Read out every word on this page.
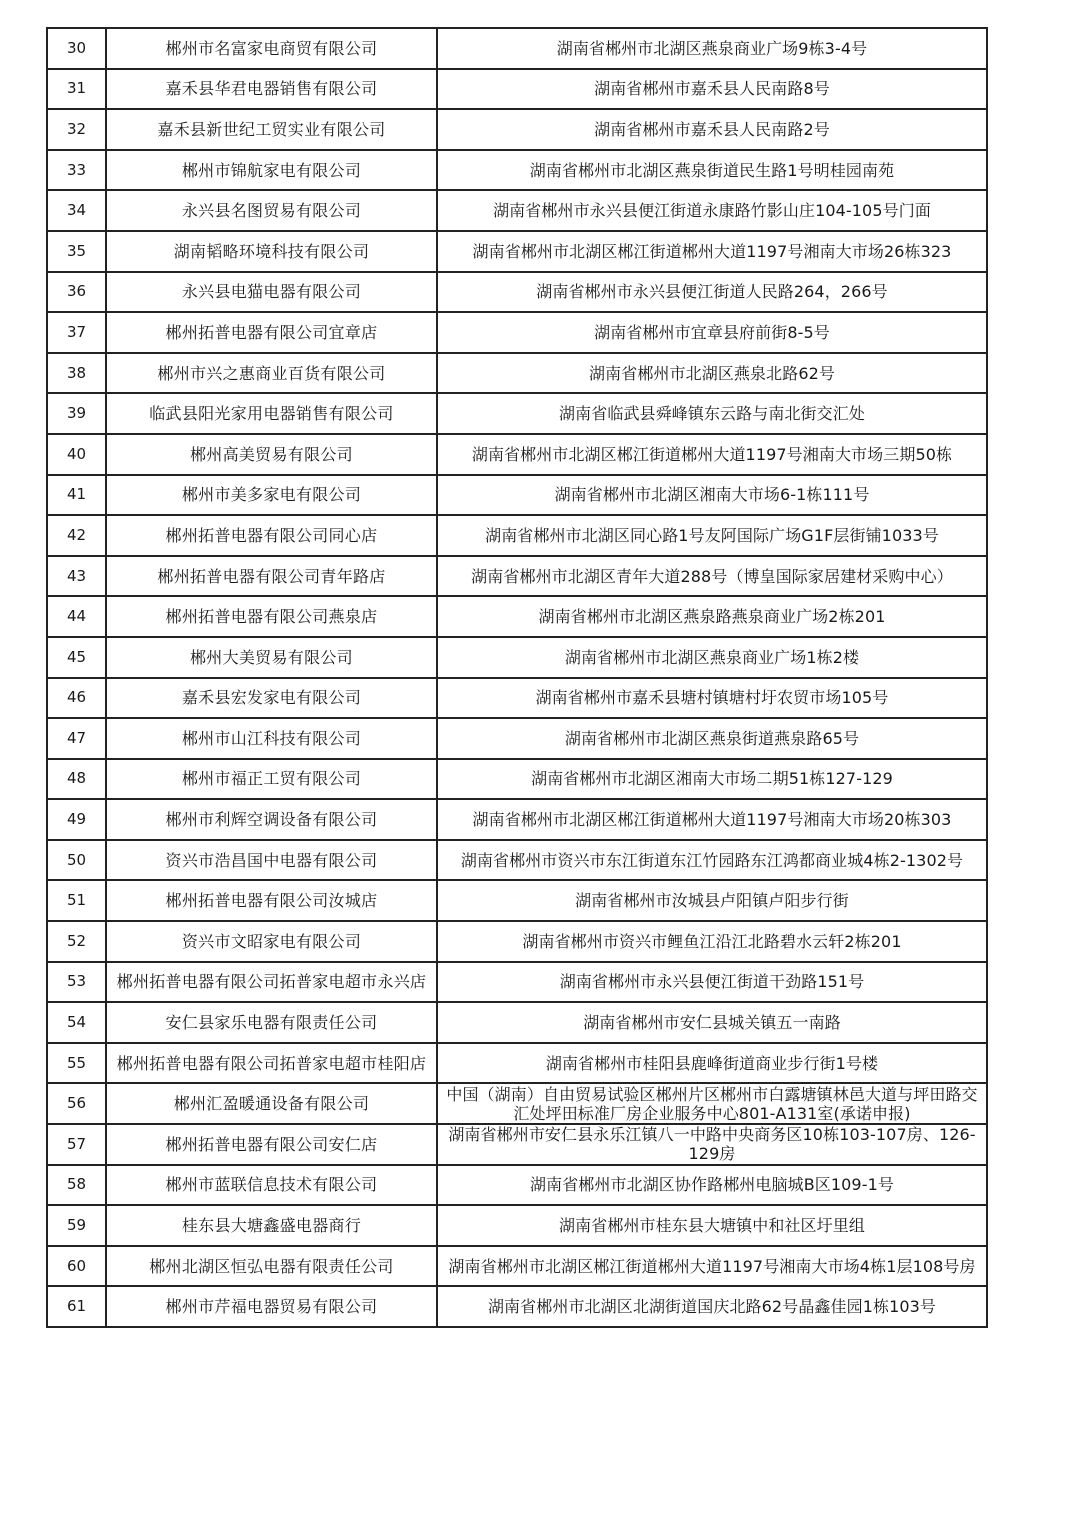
30	郴州市名富家电商贸有限公司	湖南省郴州市北湖区燕泉商业广场9栋3-4号
31	嘉禾县华君电器销售有限公司	湖南省郴州市嘉禾县人民南路8号
32	嘉禾县新世纪工贸实业有限公司	湖南省郴州市嘉禾县人民南路2号
33	郴州市锦航家电有限公司	湖南省郴州市北湖区燕泉街道民生路1号明桂园南苑
34	永兴县名图贸易有限公司	湖南省郴州市永兴县便江街道永康路竹影山庄104-105号门面
35	湖南韬略环境科技有限公司	湖南省郴州市北湖区郴江街道郴州大道1197号湘南大市场26栋323
36	永兴县电猫电器有限公司	湖南省郴州市永兴县便江街道人民路264，266号
37	郴州拓普电器有限公司宜章店	湖南省郴州市宜章县府前街8-5号
38	郴州市兴之惠商业百货有限公司	湖南省郴州市北湖区燕泉北路62号
39	临武县阳光家用电器销售有限公司	湖南省临武县舜峰镇东云路与南北街交汇处
40	郴州高美贸易有限公司	湖南省郴州市北湖区郴江街道郴州大道1197号湘南大市场三期50栋
41	郴州市美多家电有限公司	湖南省郴州市北湖区湘南大市场6-1栋111号
42	郴州拓普电器有限公司同心店	湖南省郴州市北湖区同心路1号友阿国际广场G1F层街铺1033号
43	郴州拓普电器有限公司青年路店	湖南省郴州市北湖区青年大道288号（博皇国际家居建材采购中心）
44	郴州拓普电器有限公司燕泉店	湖南省郴州市北湖区燕泉路燕泉商业广场2栋201
45	郴州大美贸易有限公司	湖南省郴州市北湖区燕泉商业广场1栋2楼
46	嘉禾县宏发家电有限公司	湖南省郴州市嘉禾县塘村镇塘村圩农贸市场105号
47	郴州市山江科技有限公司	湖南省郴州市北湖区燕泉街道燕泉路65号
48	郴州市福正工贸有限公司	湖南省郴州市北湖区湘南大市场二期51栋127-129
49	郴州市利辉空调设备有限公司	湖南省郴州市北湖区郴江街道郴州大道1197号湘南大市场20栋303
50	资兴市浩昌国中电器有限公司	湖南省郴州市资兴市东江街道东江竹园路东江鸿都商业城4栋2-1302号
51	郴州拓普电器有限公司汝城店	湖南省郴州市汝城县卢阳镇卢阳步行街
52	资兴市文昭家电有限公司	湖南省郴州市资兴市鲤鱼江沿江北路碧水云轩2栋201
53	郴州拓普电器有限公司拓普家电超市永兴店	湖南省郴州市永兴县便江街道干劲路151号
54	安仁县家乐电器有限责任公司	湖南省郴州市安仁县城关镇五一南路
55	郴州拓普电器有限公司拓普家电超市桂阳店	湖南省郴州市桂阳县鹿峰街道商业步行街1号楼
56	郴州汇盈暖通设备有限公司	中国（湖南）自由贸易试验区郴州片区郴州市白露塘镇林邑大道与坪田路交汇处坪田标准厂房企业服务中心801-A131室(承诺申报)
57	郴州拓普电器有限公司安仁店	湖南省郴州市安仁县永乐江镇八一中路中央商务区10栋103-107房、126-129房
58	郴州市蓝联信息技术有限公司	湖南省郴州市北湖区协作路郴州电脑城B区109-1号
59	桂东县大塘鑫盛电器商行	湖南省郴州市桂东县大塘镇中和社区圩里组
60	郴州北湖区恒弘电器有限责任公司	湖南省郴州市北湖区郴江街道郴州大道1197号湘南大市场4栋1层108号房
61	郴州市芹福电器贸易有限公司	湖南省郴州市北湖区北湖街道国庆北路62号晶鑫佳园1栋103号
